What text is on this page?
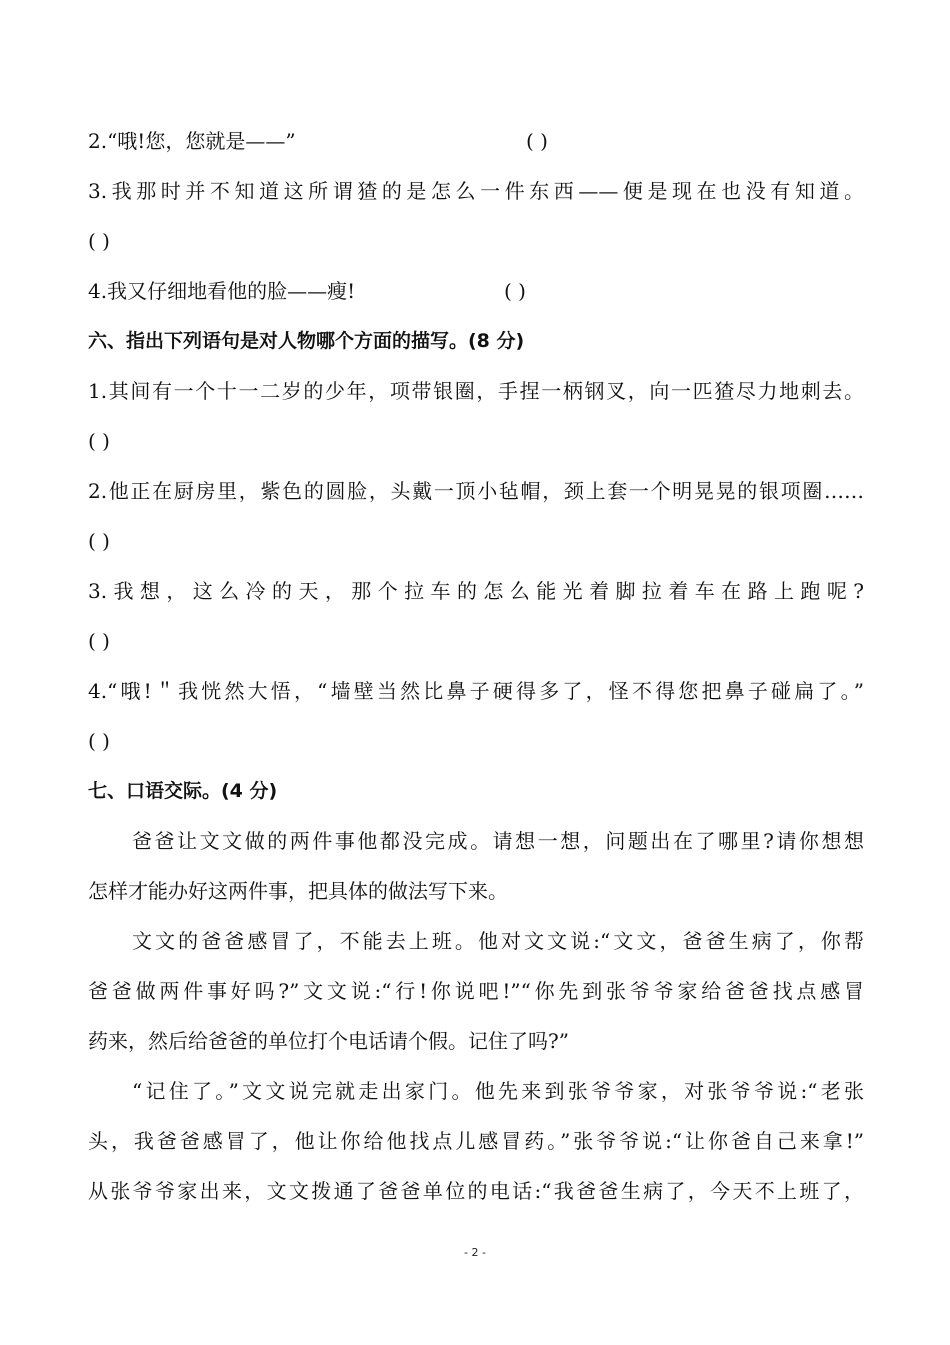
2.“哦!您，您就是——”	( )
3.我那时并不知道这所谓猹的是怎么一件东西——便是现在也没有知道。
( )
4.我又仔细地看他的脸——瘦!	( )
六、指出下列语句是对人物哪个方面的描写。(8 分)
1.其间有一个十一二岁的少年，项带银圈，手捏一柄钢叉，向一匹猹尽力地刺去。
( )
2.他正在厨房里，紫色的圆脸，头戴一顶小毡帽，颈上套一个明晃晃的银项圈……
( )
3.我想，这么冷的天，那个拉车的怎么能光着脚拉着车在路上跑呢?
( )
4.“哦!＂我恍然大悟，“墙壁当然比鼻子硬得多了，怪不得您把鼻子碰扁了。”
( )
七、口语交际。(4 分)
爸爸让文文做的两件事他都没完成。请想一想，问题出在了哪里?请你想想
怎样才能办好这两件事，把具体的做法写下来。
文文的爸爸感冒了，不能去上班。他对文文说:“文文，爸爸生病了，你帮
爸爸做两件事好吗?”文文说:“行!你说吧!”“你先到张爷爷家给爸爸找点感冒
药来，然后给爸爸的单位打个电话请个假。记住了吗?”
“记住了。”文文说完就走出家门。他先来到张爷爷家，对张爷爷说:“老张
头，我爸爸感冒了，他让你给他找点儿感冒药。”张爷爷说:“让你爸自己来拿!”
从张爷爷家出来，文文拨通了爸爸单位的电话:“我爸爸生病了，今天不上班了，
- 2 -
